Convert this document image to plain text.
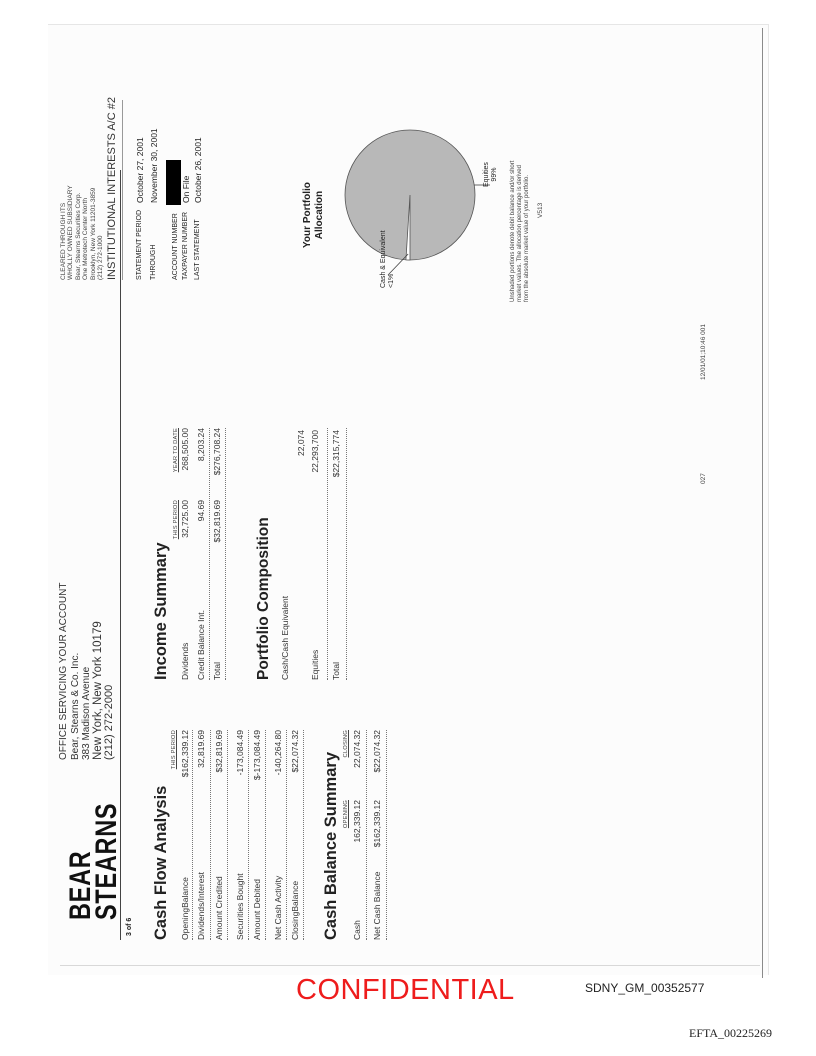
BEAR
STEARNS
3 of 6
OFFICE SERVICING YOUR ACCOUNT Bear, Stearns & Co. Inc. 383 Madison Avenue New York, New York 10179 (212) 272-2000
CLEARED THROUGH ITS WHOLLY OWNED SUBSIDIARY Bear, Stearns Securities Corp. One Metrotech Center North Brooklyn, New York 11201-3859 (212) 272-1000 INSTITUTIONAL INTERESTS A/C #2	STATEMENT PERIOD
October 27, 2001
THROUGH
November 30, 2001
ACCOUNT NUMBER TAXPAYER NUMBER
On File
LAST STATEMENT
October 26, 2001
Cash Flow Analysis
THIS PERIOD
OpeningBalance
$162,339.12
Dividends/Interest
32,819.69
Amount Credited
$32,819.69
Securities Bought
-173,084.49
Amount Debited
$-173,084.49
Net Cash Activity
-140,264.80
ClosingBalance
$22,074.32
Cash Balance Summary OPENING
CLOSING
Cash
162,339.12
22,074.32
Net Cash Balance
$162,339.12
$22,074.32
Income Summary
THIS PERIOD
YEAR TO DATE
Dividends
32,725.00
268,505.00
Credit Balance Int.
94.69
8,203.24
Total
$32,819.69
$276,708.24
Portfolio Composition Cash/Cash Equivalent
22,074
Equities
22,293,700
Total
$22,315,774
Your Portfolio Allocation
Cash & Equivalent <1%
Equities 99% Unshaded portions denote debit balance and/or short market values. The allocation percentage is derived from the absolute market value of your portfolio. V513
027
12/01/01;10:46 001
CONFIDENTIAL	SDNY_GM_00352577
EFTA_00225269
